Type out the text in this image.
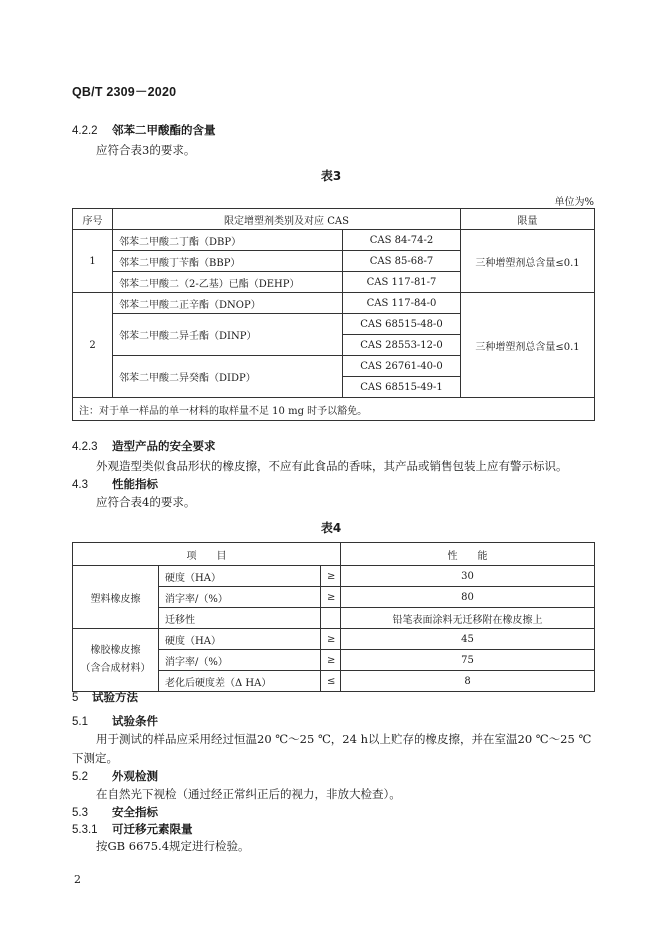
QB/T 2309－2020
4.2.2 邻苯二甲酸酯的含量
应符合表3的要求。
表3
单位为%
序号	限定增塑剂类别及对应 CAS		限量
1	邻苯二甲酸二丁酯（DBP）	CAS 84-74-2	三种增塑剂总含量≤0.1
	邻苯二甲酸丁苄酯（BBP）	CAS 85-68-7	
	邻苯二甲酸二（2-乙基）已酯（DEHP）	CAS 117-81-7	
2	邻苯二甲酸二正辛酯（DNOP）	CAS 117-84-0	三种增塑剂总含量≤0.1
	邻苯二甲酸二异壬酯（DINP）	CAS 68515-48-0	
		CAS 28553-12-0	
	邻苯二甲酸二异癸酯（DIDP）	CAS 26761-40-0	
		CAS 68515-49-1	
注：对于单一样品的单一材料的取样量不足 10 mg 时予以豁免。			
4.2.3 造型产品的安全要求
外观造型类似食品形状的橡皮擦，不应有此食品的香味，其产品或销售包装上应有警示标识。
4.3 性能指标
应符合表4的要求。
表4
项　　目			性　　能
塑料橡皮擦	硬度（HA）	≥	30
	消字率/（%）	≥	80
	迁移性		铅笔表面涂料无迁移附在橡皮擦上

橡胶橡皮擦
（含合成材料）	硬度（HA）	≥	45
	消字率/（%）	≥	75
	老化后硬度差（Δ HA）	≤	8
5 试验方法
5.1 试验条件
用于测试的样品应采用经过恒温20 ℃～25 ℃，24 h以上贮存的橡皮擦，并在室温20 ℃～25 ℃下测定。
5.2 外观检测
在自然光下视检（通过经正常纠正后的视力，非放大检查）。
5.3 安全指标
5.3.1 可迁移元素限量
按GB 6675.4规定进行检验。
2
